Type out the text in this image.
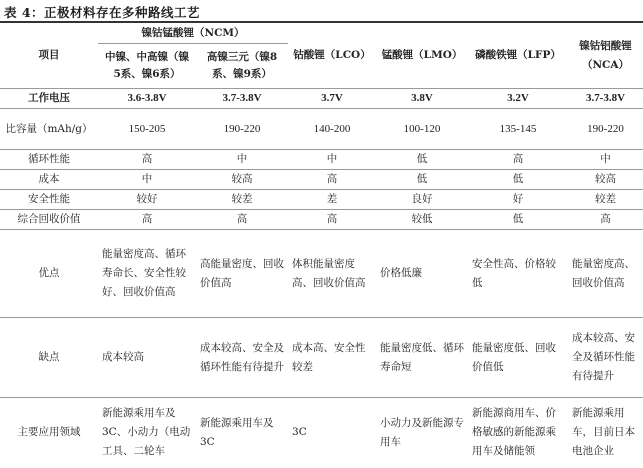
表 4：正极材料存在多种路线工艺
项目	镍钴锰酸锂（NCM）		钴酸锂（LCO）	锰酸锂（LMO）	磷酸铁锂（LFP）	镍钴铝酸锂（NCA）
	中镍、中高镍（镍5系、镍6系）	高镍三元（镍8系、镍9系）				
工作电压	3.6-3.8V	3.7-3.8V	3.7V	3.8V	3.2V	3.7-3.8V
比容量（mAh/g）	150-205	190-220	140-200	100-120	135-145	190-220
循环性能	高	中	中	低	高	中
成本	中	较高	高	低	低	较高
安全性能	较好	较差	差	良好	好	较差
综合回收价值	高	高	高	较低	低	高
优点	能量密度高、循环寿命长、安全性较好、回收价值高	高能量密度、回收价值高	体积能量密度高、回收价值高	价格低廉	安全性高、价格较低	能量密度高、回收价值高
缺点	成本较高	成本较高、安全及循环性能有待提升	成本高、安全性较差	能量密度低、循环寿命短	能量密度低、回收价值低	成本较高、安全及循环性能有待提升
主要应用领域	新能源乘用车及3C、小动力（电动工具、二轮车	新能源乘用车及3C	3C	小动力及新能源专用车	新能源商用车、价格敏感的新能源乘用车及储能领	新能源乘用车，目前日本电池企业
